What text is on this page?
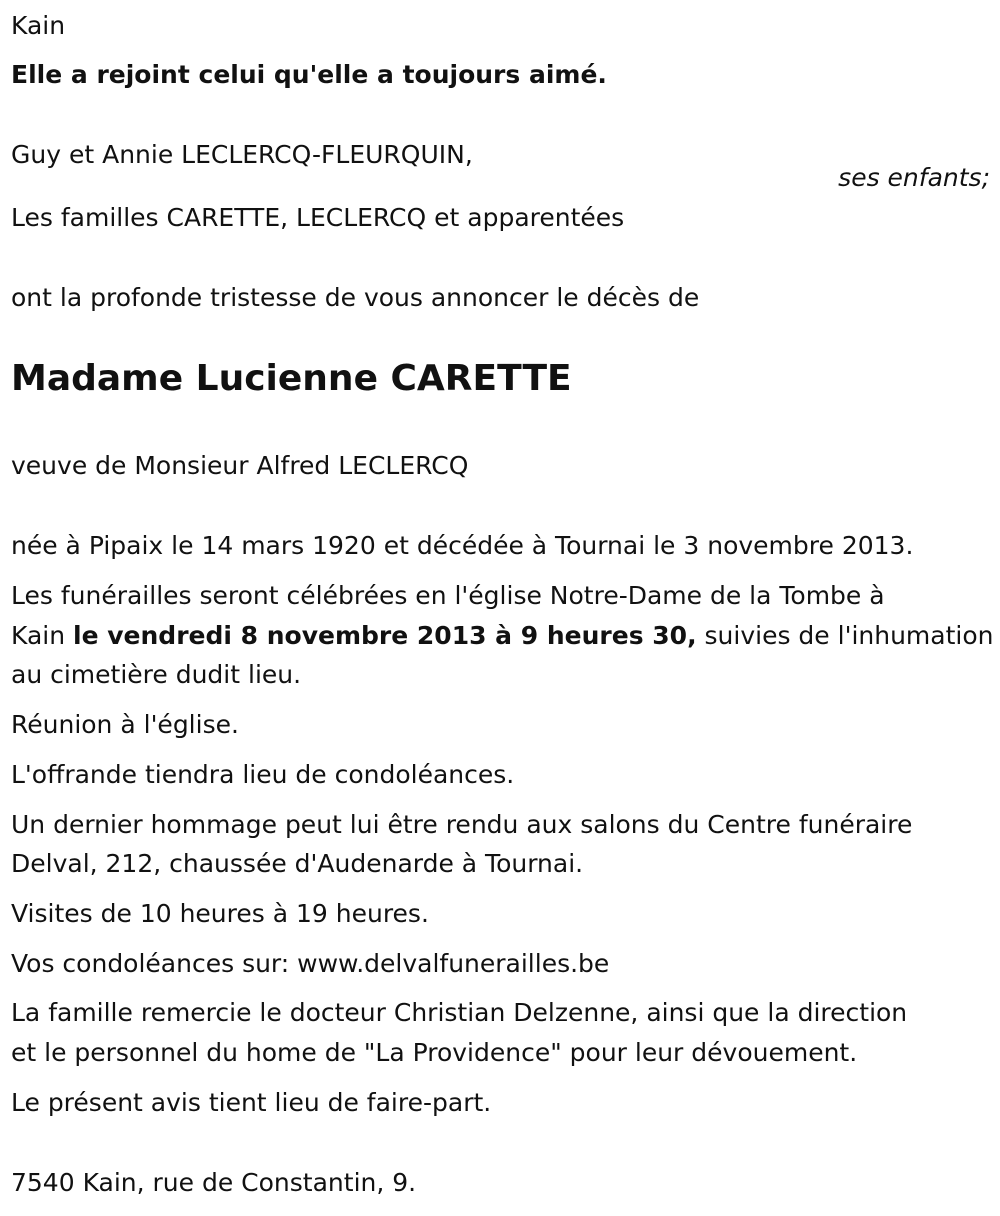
Kain

Elle a rejoint celui qu'elle a toujours aimé.

Guy et Annie LECLERCQ-FLEURQUIN,

ses enfants;

Les familles CARETTE, LECLERCQ et apparentées

ont la profonde tristesse de vous annoncer le décès de

Madame Lucienne CARETTE

veuve de Monsieur Alfred LECLERCQ

née à Pipaix le 14 mars 1920 et décédée à Tournai le 3 novembre 2013.

Les funérailles seront célébrées en l'église Notre-Dame de la Tombe à

Kain le vendredi 8 novembre 2013 à 9 heures 30, suivies de l'inhumation

au cimetière dudit lieu.

Réunion à l'église.

L'offrande tiendra lieu de condoléances.

Un dernier hommage peut lui être rendu aux salons du Centre funéraire

Delval, 212, chaussée d'Audenarde à Tournai.

Visites de 10 heures à 19 heures.

Vos condoléances sur: www.delvalfunerailles.be

La famille remercie le docteur Christian Delzenne, ainsi que la direction

et le personnel du home de "La Providence" pour leur dévouement.

Le présent avis tient lieu de faire-part.

7540 Kain, rue de Constantin, 9.
